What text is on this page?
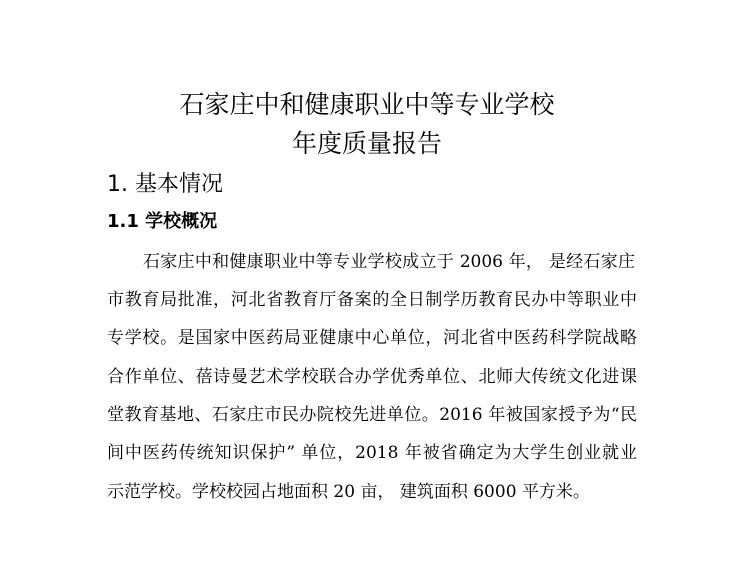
石家庄中和健康职业中等专业学校
年度质量报告
1. 基本情况
1.1 学校概况
石家庄中和健康职业中等专业学校成立于 2006 年， 是经石家庄
市教育局批准，河北省教育厅备案的全日制学历教育民办中等职业中
专学校。是国家中医药局亚健康中心单位，河北省中医药科学院战略
合作单位、蓓诗曼艺术学校联合办学优秀单位、北师大传统文化进课
堂教育基地、石家庄市民办院校先进单位。2016 年被国家授予为“民
间中医药传统知识保护” 单位，2018 年被省确定为大学生创业就业
示范学校。学校校园占地面积 20 亩， 建筑面积 6000 平方米。
